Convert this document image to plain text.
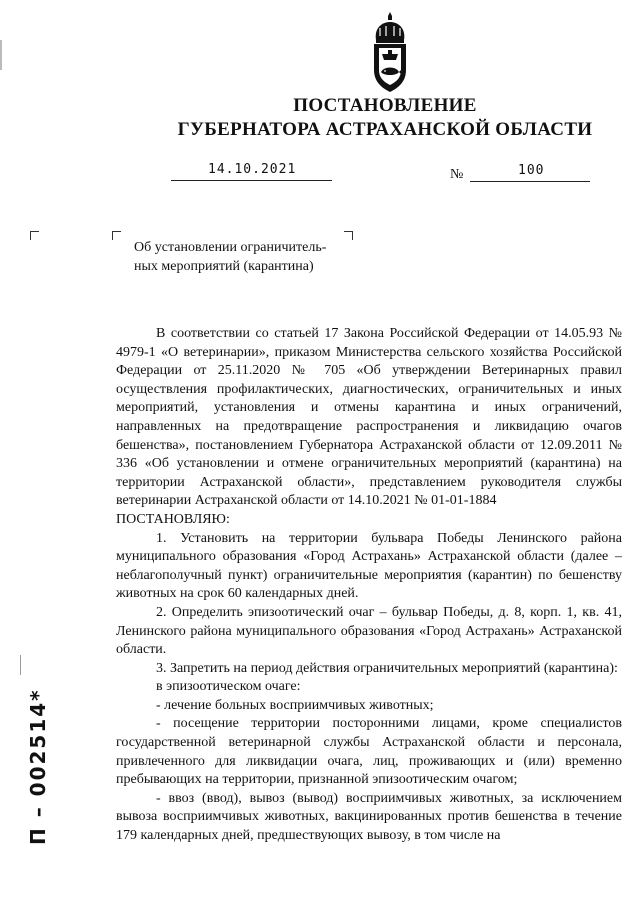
ПОСТАНОВЛЕНИЕ
ГУБЕРНАТОРА АСТРАХАНСКОЙ ОБЛАСТИ
14.10.2021	№	100
Об установлении ограничитель-
ных мероприятий (карантина)

В соответствии со статьей 17 Закона Российской Федерации от 14.05.93 № 4979-1 «О ветеринарии», приказом Министерства сельского хозяйства Российской Федерации от 25.11.2020 № 705 «Об утверждении Ветеринарных правил осуществления профилактических, диагностических, ограничительных и иных мероприятий, установления и отмены карантина и иных ограничений, направленных на предотвращение распространения и ликвидацию очагов бешенства», постановлением Губернатора Астраханской области от 12.09.2011 № 336 «Об установлении и отмене ограничительных мероприятий (карантина) на территории Астраханской области», представлением руководителя службы ветеринарии Астраханской области от 14.10.2021 № 01-01-1884

ПОСТАНОВЛЯЮ:

1. Установить на территории бульвара Победы Ленинского района муниципального образования «Город Астрахань» Астраханской области (далее – неблагополучный пункт) ограничительные мероприятия (карантин) по бешенству животных на срок 60 календарных дней.

2. Определить эпизоотический очаг – бульвар Победы, д. 8, корп. 1, кв. 41, Ленинского района муниципального образования «Город Астрахань» Астраханской области.

3. Запретить на период действия ограничительных мероприятий (карантина):

в эпизоотическом очаге:

- лечение больных восприимчивых животных;

- посещение территории посторонними лицами, кроме специалистов государственной ветеринарной службы Астраханской области и персонала, привлеченного для ликвидации очага, лиц, проживающих и (или) временно пребывающих на территории, признанной эпизоотическим очагом;

- ввоз (ввод), вывоз (вывод) восприимчивых животных, за исключением вывоза восприимчивых животных, вакцинированных против бешенства в течение 179 календарных дней, предшествующих вывозу, в том числе на

П – 002514*
